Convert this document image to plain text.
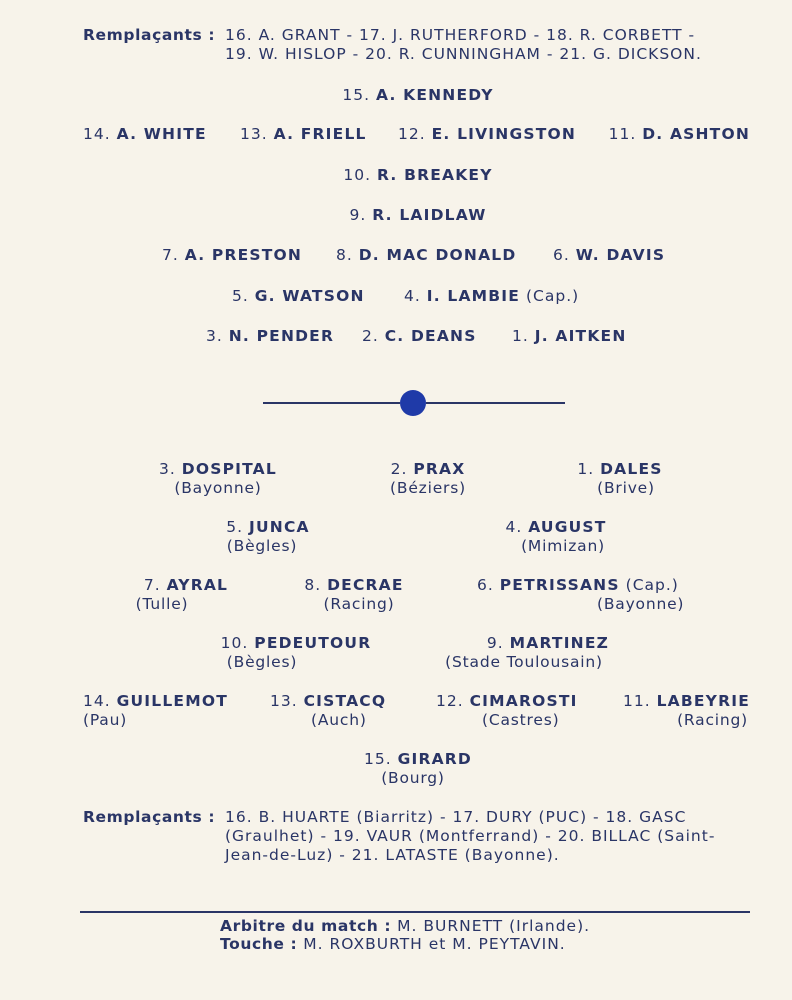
Remplaçants : 16. A. GRANT - 17. J. RUTHERFORD - 18. R. CORBETT -
19. W. HISLOP - 20. R. CUNNINGHAM - 21. G. DICKSON.
15. A. KENNEDY
14. A. WHITE 13. A. FRIELL 12. E. LIVINGSTON 11. D. ASHTON
10. R. BREAKEY
9. R. LAIDLAW
7. A. PRESTON 8. D. MAC DONALD 6. W. DAVIS
5. G. WATSON	4. I. LAMBIE (Cap.)
3. N. PENDER 2. C. DEANS 1. J. AITKEN
3. DOSPITAL
(Bayonne)
2. PRAX
(Béziers)
1. DALES
(Brive)
5. JUNCA
(Bègles)
4. AUGUST
(Mimizan)
7. AYRAL
(Tulle)
8. DECRAE
(Racing)
6. PETRISSANS (Cap.)
(Bayonne)
10. PEDEUTOUR
(Bègles)
9. MARTINEZ
(Stade Toulousain)
14. GUILLEMOT
(Pau)
13. CISTACQ
(Auch)
12. CIMAROSTI
(Castres)
11. LABEYRIE
(Racing)
15. GIRARD
(Bourg)
Remplaçants : 16. B. HUARTE (Biarritz) - 17. DURY (PUC) - 18. GASC
(Graulhet) - 19. VAUR (Montferrand) - 20. BILLAC (Saint-
Jean-de-Luz) - 21. LATASTE (Bayonne).
Arbitre du match : M. BURNETT (Irlande).
Touche : M. ROXBURTH et M. PEYTAVIN.
